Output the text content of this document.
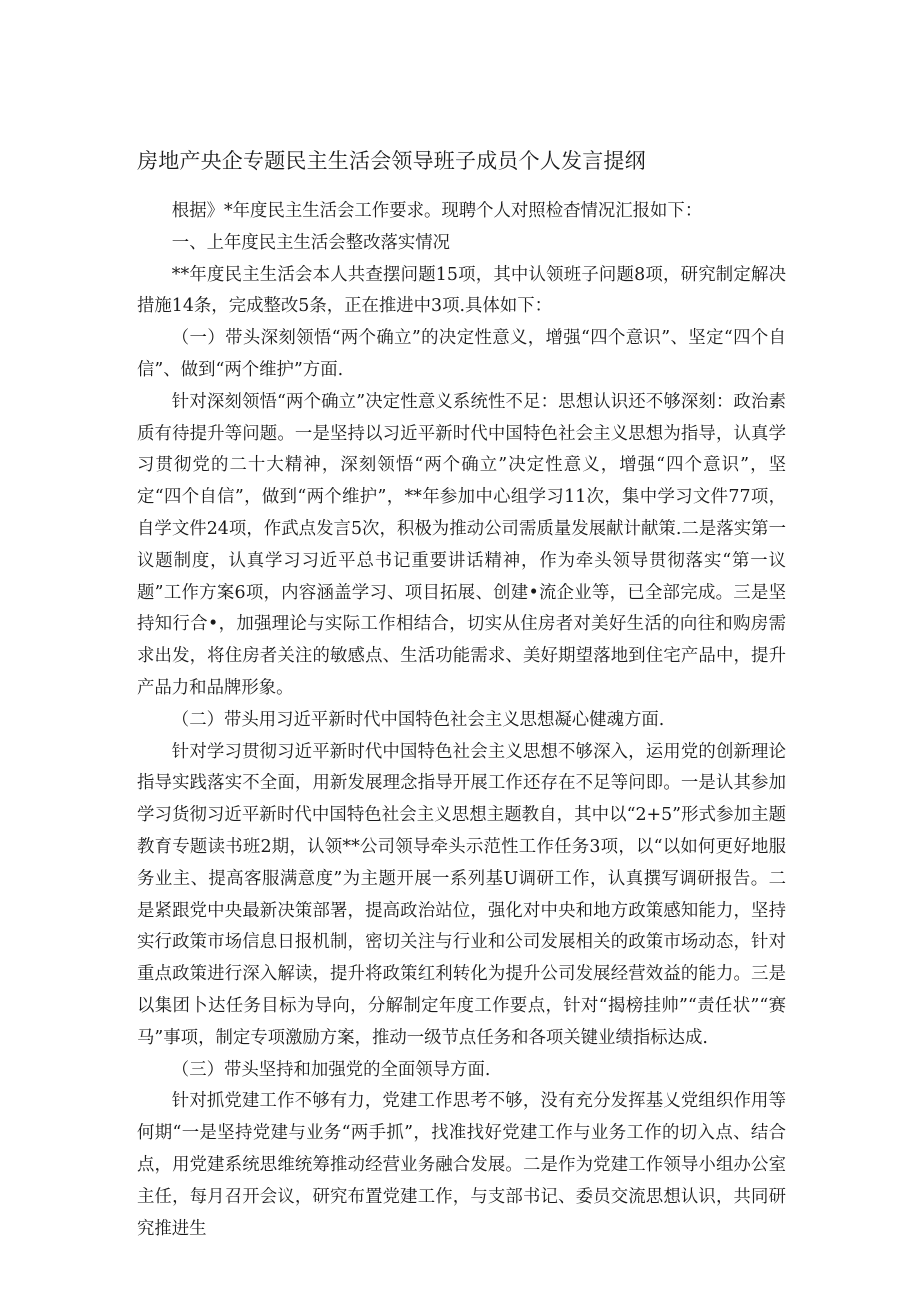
房地产央企专题民主生活会领导班子成员个人发言提纲

根据》*年度民主生活会工作要求。现聘个人对照检杳情况汇报如下：

一、上年度民主生活会整改落实情况

**年度民主生活会本人共查摆问题15项，其中认领班子问题8项，研究制定解决措施14条，完成整改5条，正在推进中3项.具体如下：

（一）带头深刻领悟“两个确立”的决定性意义，增强“四个意识”、坚定“四个自信”、做到“两个维护”方面.

针对深刻领悟“两个确立”决定性意义系统性不足：思想认识还不够深刻：政治素质有待提升等问题。一是坚持以习近平新时代中国特色社会主义思想为指导，认真学习贯彻党的二十大精神，深刻领悟“两个确立”决定性意义，增强“四个意识”，坚定“四个自信”，做到“两个维护”，**年参加中心组学习11次，集中学习文件77项，自学文件24项，作武点发言5次，积极为推动公司需质量发展献计献策.二是落实第一议题制度，认真学习习近平总书记重要讲话精神，作为牵头领导贯彻落实“第一议题”工作方案6项，内容涵盖学习、项目拓展、创建•流企业等，已全部完成。三是坚持知行合•，加强理论与实际工作相结合，切实从住房者对美好生活的向往和购房需求出发，将住房者关注的敏感点、生活功能需求、美好期望落地到住宅产品中，提升产品力和品牌形象。

（二）带头用习近平新时代中国特色社会主义思想凝心健魂方面.

针对学习贯彻习近平新时代中国特色社会主义思想不够深入，运用党的创新理论指导实践落实不全面，用新发展理念指导开展工作还存在不足等问即。一是认其参加学习货彻习近平新时代中国特色社会主义思想主题教自，其中以“2+5”形式参加主题教育专题读书班2期，认领**公司领导牵头示范性工作任务3项，以“以如何更好地服务业主、提高客服满意度”为主题开展一系列基U调研工作，认真撰写调研报告。二是紧跟党中央最新决策部署，提高政治站位，强化对中央和地方政策感知能力，坚持实行政策市场信息日报机制，密切关注与行业和公司发展相关的政策市场动态，针对重点政策进行深入解读，提升将政策红利转化为提升公司发展经营效益的能力。三是以集团卜达任务目标为导向，分解制定年度工作要点，针对“揭榜挂帅”“责任状”“赛马”事项，制定专项激励方案，推动一级节点任务和各项关键业绩指标达成.

（三）带头坚持和加强党的全面领导方面.

针对抓党建工作不够有力，党建工作思考不够，没有充分发挥基乂党组织作用等何期“一是坚持党建与业务“两手抓”，找准找好党建工作与业务工作的切入点、结合点，用党建系统思维统筹推动经营业务融合发展。二是作为党建工作领导小组办公室主任，每月召开会议，研究布置党建工作，与支部书记、委员交流思想认识，共同研究推进生
